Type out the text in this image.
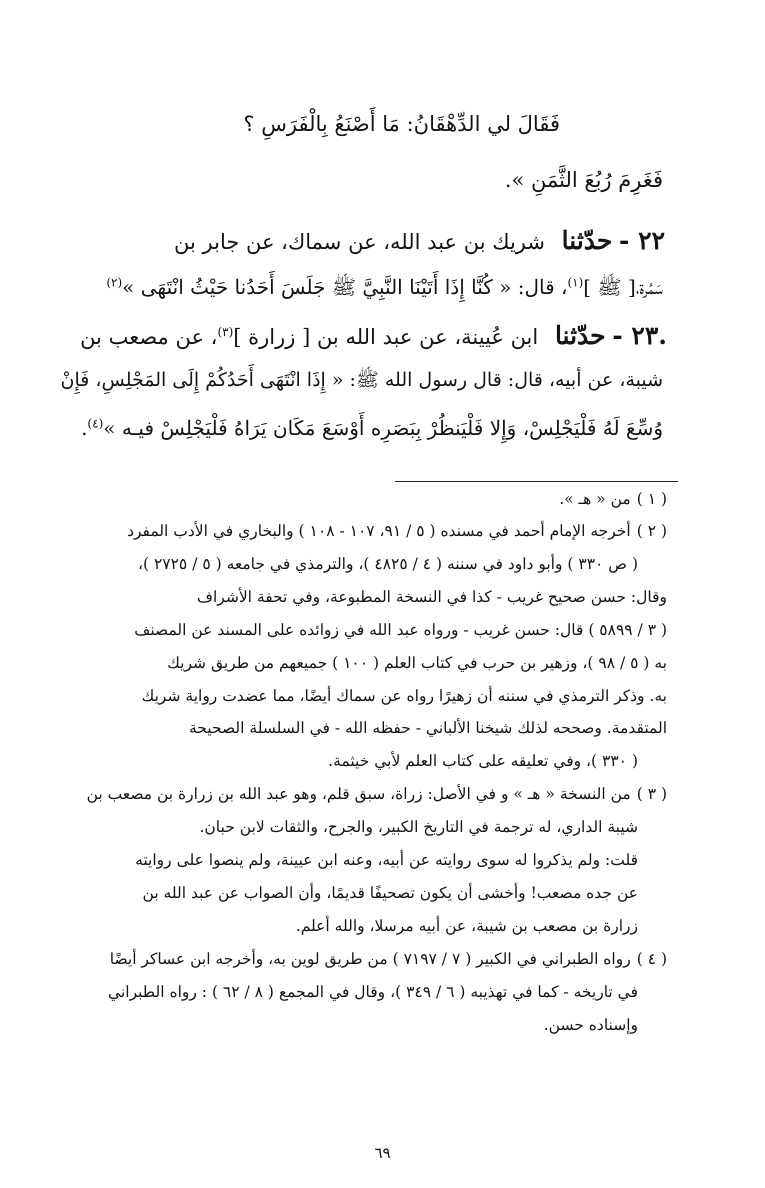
فَقَالَ لي الدِّهْقَانُ: مَا أَصْنَعُ بِالْفَرَسِ ؟
فَغَرِمَ رُبُعَ الثَّمَنِ ».
٢٢ - حدّثنا شريك بن عبد الله، عن سماك، عن جابر بن
سَمُرة،[ ﷺ ]$^{(١)}$، قال: « كُنَّا إِذَا أَتَيْنَا النَّبِيَّ ﷺ جَلَسَ أَحَدُنا حَيْثُ انْتَهَى »$^{(٢)}$
.٢٣ - حدّثنا ابن عُيينة، عن عبد الله بن [ زرارة ]$^{(٣)}$، عن مصعب بن
شيبة، عن أبيه، قال: قال رسول الله ﷺ: « إِذَا انْتَهَى أَحَدُكُمْ إِلَى المَجْلِسِ، فَإِنْ
وُسِّعَ لَهُ فَلْيَجْلِسْ، وَإِلا فَلْيَنظُرْ بِبَصَرِه أَوْسَعَ مَكَان يَرَاهُ فَلْيَجْلِسْ فيـه »$^{(٤)}$.
( ١ )من « هـ ».
( ٢ )أخرجه الإمام أحمد في مسنده ( ٥ / ٩١، ١٠٧ - ١٠٨ ) والبخاري في الأدب المفرد
( ص ٣٣٠ ) وأبو داود في سننه ( ٤ / ٤٨٢٥ )، والترمذي في جامعه ( ٥ / ٢٧٢٥ )،
وقال: حسن صحيح غريب - كذا في النسخة المطبوعة، وفي تحفة الأشراف
( ٣ / ٥٨٩٩ ) قال: حسن غريب - ورواه عبد الله في زوائده على المسند عن المصنف
به ( ٥ / ٩٨ )، وزهير بن حرب في كتاب العلم ( ١٠٠ ) جميعهم من طريق شريك
به. وذكر الترمذي في سننه أن زهيرًا رواه عن سماك أيضًا، مما عضدت رواية شريك
المتقدمة. وصححه لذلك شيخنا الألباني - حفظه الله - في السلسلة الصحيحة
( ٣٣٠ )، وفي تعليقه على كتاب العلم لأبي خيثمة.
( ٣ )من النسخة « هـ » و في الأصل: زراة، سبق قلم، وهو عبد الله بن زرارة بن مصعب بن
شيبة الداري، له ترجمة في التاريخ الكبير، والجرح، والثقات لابن حبان.
قلت: ولم يذكروا له سوى روايته عن أبيه، وعنه ابن عيينة، ولم ينصوا على روايته
عن جده مصعب! وأخشى أن يكون تصحيفًا قديمًا، وأن الصواب عن عبد الله بن
زرارة بن مصعب بن شيبة، عن أبيه مرسلا، والله أعلم.
( ٤ )رواه الطبراني في الكبير ( ٧ / ٧١٩٧ ) من طريق لوين به، وأخرجه ابن عساكر أيضًا
في تاريخه - كما في تهذيبه ( ٦ / ٣٤٩ )، وقال في المجمع ( ٨ / ٦٢ ) : رواه الطبراني
وإسناده حسن.
٦٩
